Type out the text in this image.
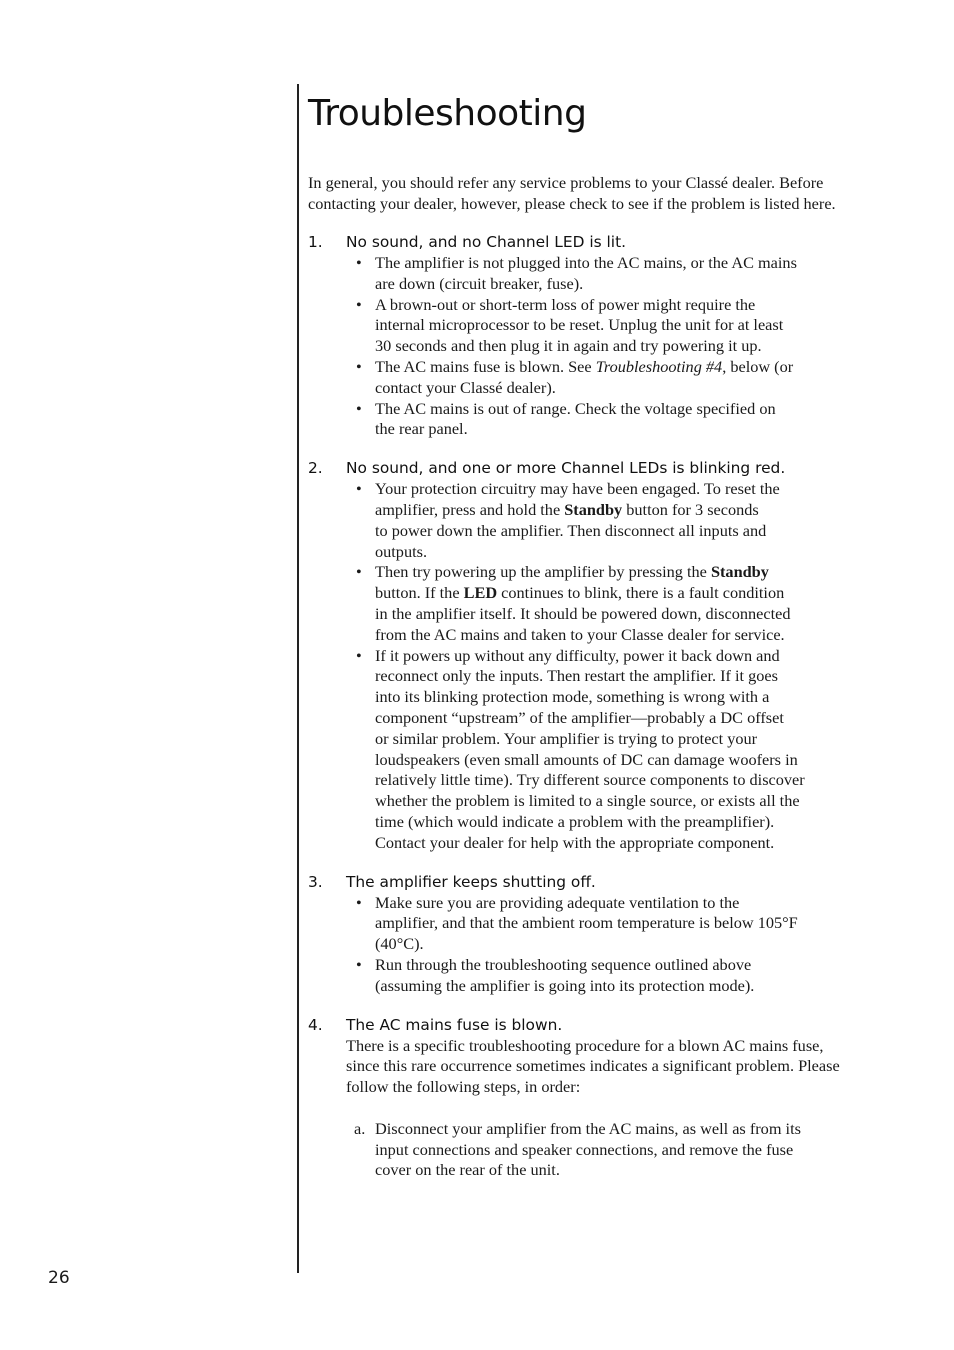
26
Troubleshooting
In general, you should refer any service problems to your Classé dealer. Before
contacting your dealer, however, please check to see if the problem is listed here.
1. No sound, and no Channel LED is lit.
• The amplifier is not plugged into the AC mains, or the AC mains
are down (circuit breaker, fuse).
• A brown-out or short-term loss of power might require the
internal microprocessor to be reset. Unplug the unit for at least
30 seconds and then plug it in again and try powering it up.
• The AC mains fuse is blown. See Troubleshooting #4, below (or
contact your Classé dealer).
• The AC mains is out of range. Check the voltage specified on
the rear panel.
2. No sound, and one or more Channel LEDs is blinking red.
• Your protection circuitry may have been engaged. To reset the
amplifier, press and hold the Standby button for 3 seconds
to power down the amplifier. Then disconnect all inputs and
outputs.
• Then try powering up the amplifier by pressing the Standby
button. If the LED continues to blink, there is a fault condition
in the amplifier itself. It should be powered down, disconnected
from the AC mains and taken to your Classe dealer for service.
• If it powers up without any difficulty, power it back down and
reconnect only the inputs. Then restart the amplifier. If it goes
into its blinking protection mode, something is wrong with a
component “upstream” of the amplifier—probably a DC offset
or similar problem. Your amplifier is trying to protect your
loudspeakers (even small amounts of DC can damage woofers in
relatively little time). Try different source components to discover
whether the problem is limited to a single source, or exists all the
time (which would indicate a problem with the preamplifier).
Contact your dealer for help with the appropriate component.
3. The amplifier keeps shutting off.
• Make sure you are providing adequate ventilation to the
amplifier, and that the ambient room temperature is below 105°F
(40°C).
• Run through the troubleshooting sequence outlined above
(assuming the amplifier is going into its protection mode).
4. The AC mains fuse is blown.
There is a specific troubleshooting procedure for a blown AC mains fuse,
since this rare occurrence sometimes indicates a significant problem. Please
follow the following steps, in order:
a. Disconnect your amplifier from the AC mains, as well as from its
input connections and speaker connections, and remove the fuse
cover on the rear of the unit.
